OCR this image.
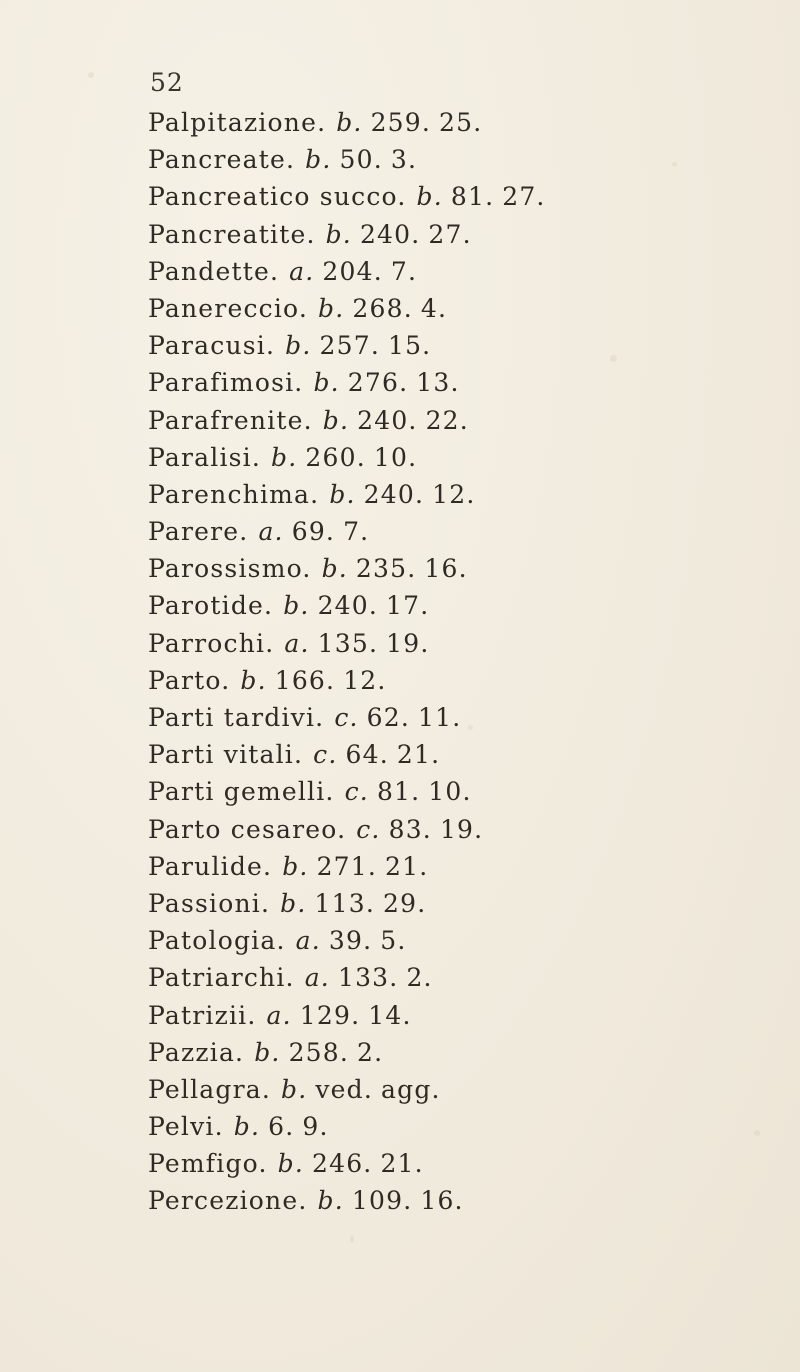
52
Palpitazione. b. 259. 25.
Pancreate. b. 50. 3.
Pancreatico succo. b. 81. 27.
Pancreatite. b. 240. 27.
Pandette. a. 204. 7.
Panereccio. b. 268. 4.
Paracusi. b. 257. 15.
Parafimosi. b. 276. 13.
Parafrenite. b. 240. 22.
Paralisi. b. 260. 10.
Parenchima. b. 240. 12.
Parere. a. 69. 7.
Parossismo. b. 235. 16.
Parotide. b. 240. 17.
Parrochi. a. 135. 19.
Parto. b. 166. 12.
Parti tardivi. c. 62. 11.
Parti vitali. c. 64. 21.
Parti gemelli. c. 81. 10.
Parto cesareo. c. 83. 19.
Parulide. b. 271. 21.
Passioni. b. 113. 29.
Patologia. a. 39. 5.
Patriarchi. a. 133. 2.
Patrizii. a. 129. 14.
Pazzia. b. 258. 2.
Pellagra. b. ved. agg.
Pelvi. b. 6. 9.
Pemfigo. b. 246. 21.
Percezione. b. 109. 16.
